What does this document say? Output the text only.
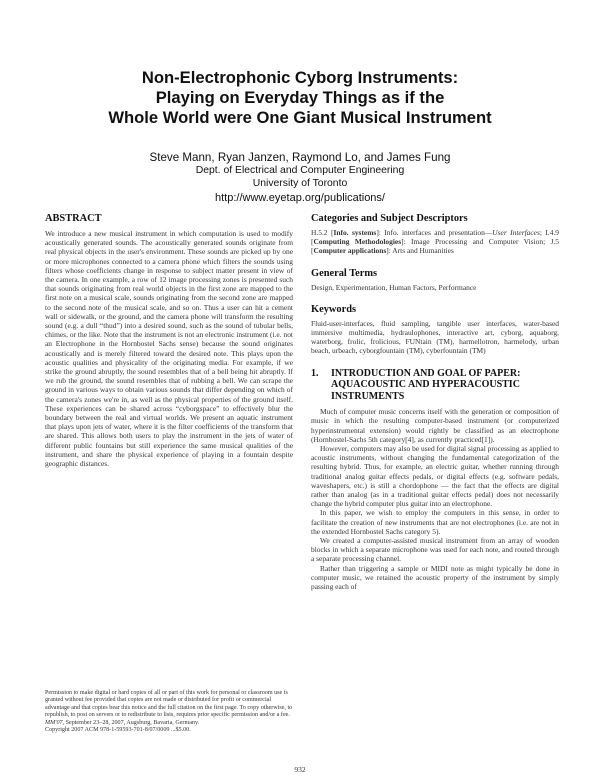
Non-Electrophonic Cyborg Instruments:
Playing on Everyday Things as if the
Whole World were One Giant Musical Instrument
Steve Mann, Ryan Janzen, Raymond Lo, and James Fung
Dept. of Electrical and Computer Engineering
University of Toronto
http://www.eyetap.org/publications/
ABSTRACT

We introduce a new musical instrument in which computation is used to modify acoustically generated sounds. The acoustically generated sounds originate from real physical objects in the user's environment. These sounds are picked up by one or more microphones connected to a camera phone which filters the sounds using filters whose coefficients change in response to subject matter present in view of the camera. In one example, a row of 12 image processing zones is presented such that sounds originating from real world objects in the first zone are mapped to the first note on a musical scale, sounds originating from the second zone are mapped to the second note of the musical scale, and so on. Thus a user can hit a cement wall or sidewalk, or the ground, and the camera phone will transform the resulting sound (e.g. a dull “thud”) into a desired sound, such as the sound of tubular bells, chimes, or the like. Note that the instrument is not an electronic instrument (i.e. not an Electrophone in the Hornbostel Sachs sense) because the sound originates acoustically and is merely filtered toward the desired note. This plays upon the acoustic qualities and physicality of the originating media. For example, if we strike the ground abruptly, the sound resembles that of a bell being hit abruptly. If we rub the ground, the sound resembles that of rubbing a bell. We can scrape the ground in various ways to obtain various sounds that differ depending on which of the camera's zones we're in, as well as the physical properties of the ground itself. These experiences can be shared across “cyborgspace” to effectively blur the boundary between the real and virtual worlds. We present an aquatic instrument that plays upon jets of water, where it is the filter coefficients of the transform that are shared. This allows both users to play the instrument in the jets of water of different public fountains but still experience the same musical qualities of the instrument, and share the physical experience of playing in a fountain despite geographic distances.

Categories and Subject Descriptors

H.5.2 [Info. systems]: Info. interfaces and presentation—User Interfaces; I.4.9 [Computing Methodologies]: Image Processing and Computer Vision; J.5 [Computer applications]: Arts and Humanities

General Terms

Design, Experimentation, Human Factors, Performance

Keywords

Fluid-user-interfaces, fluid sampling, tangible user interfaces, water-based immersive multimedia, hydraulophones, interactive art, cyborg, aquaborg, waterborg, frolic, frolicious, FUNtain (TM), harmellotron, harmelody, urban beach, urbeach, cyborgfountain (TM), cyberfountain (TM)

1.	INTRODUCTION AND GOAL OF PAPER: AQUACOUSTIC AND HYPERACOUSTIC INSTRUMENTS

Much of computer music concerns itself with the generation or composition of music in which the resulting computer-based instrument (or computerized hyperinstrumental extension) would rightly be classified as an electrophone (Hornbostel-Sachs 5th category[4], as currently practiced[1]).

However, computers may also be used for digital signal processing as applied to acoustic instruments, without changing the fundamental categorization of the resulting hybrid. Thus, for example, an electric guitar, whether running through traditional analog guitar effects pedals, or digital effects (e.g. software pedals, waveshapers, etc.) is still a chordophone — the fact that the effects are digital rather than analog (as in a traditional guitar effects pedal) does not necessarily change the hybrid computer plus guitar into an electrophone.

In this paper, we wish to employ the computers in this sense, in order to facilitate the creation of new instruments that are not electrophones (i.e. are not in the extended Hornbostel Sachs category 5).

We created a computer-assisted musical instrument from an array of wooden blocks in which a separate microphone was used for each note, and routed through a separate processing channel.

Rather than triggering a sample or MIDI note as might typically be done in computer music, we retained the acoustic property of the instrument by simply passing each of

Permission to make digital or hard copies of all or part of this work for personal or classroom use is granted without fee provided that copies are not made or distributed for profit or commercial advantage and that copies bear this notice and the full citation on the first page. To copy otherwise, to republish, to post on servers or to redistribute to lists, requires prior specific permission and/or a fee.
MM'07, September 23–28, 2007, Augsburg, Bavaria, Germany.
Copyright 2007 ACM 978-1-59593-701-8/07/0009 ...$5.00.
932
